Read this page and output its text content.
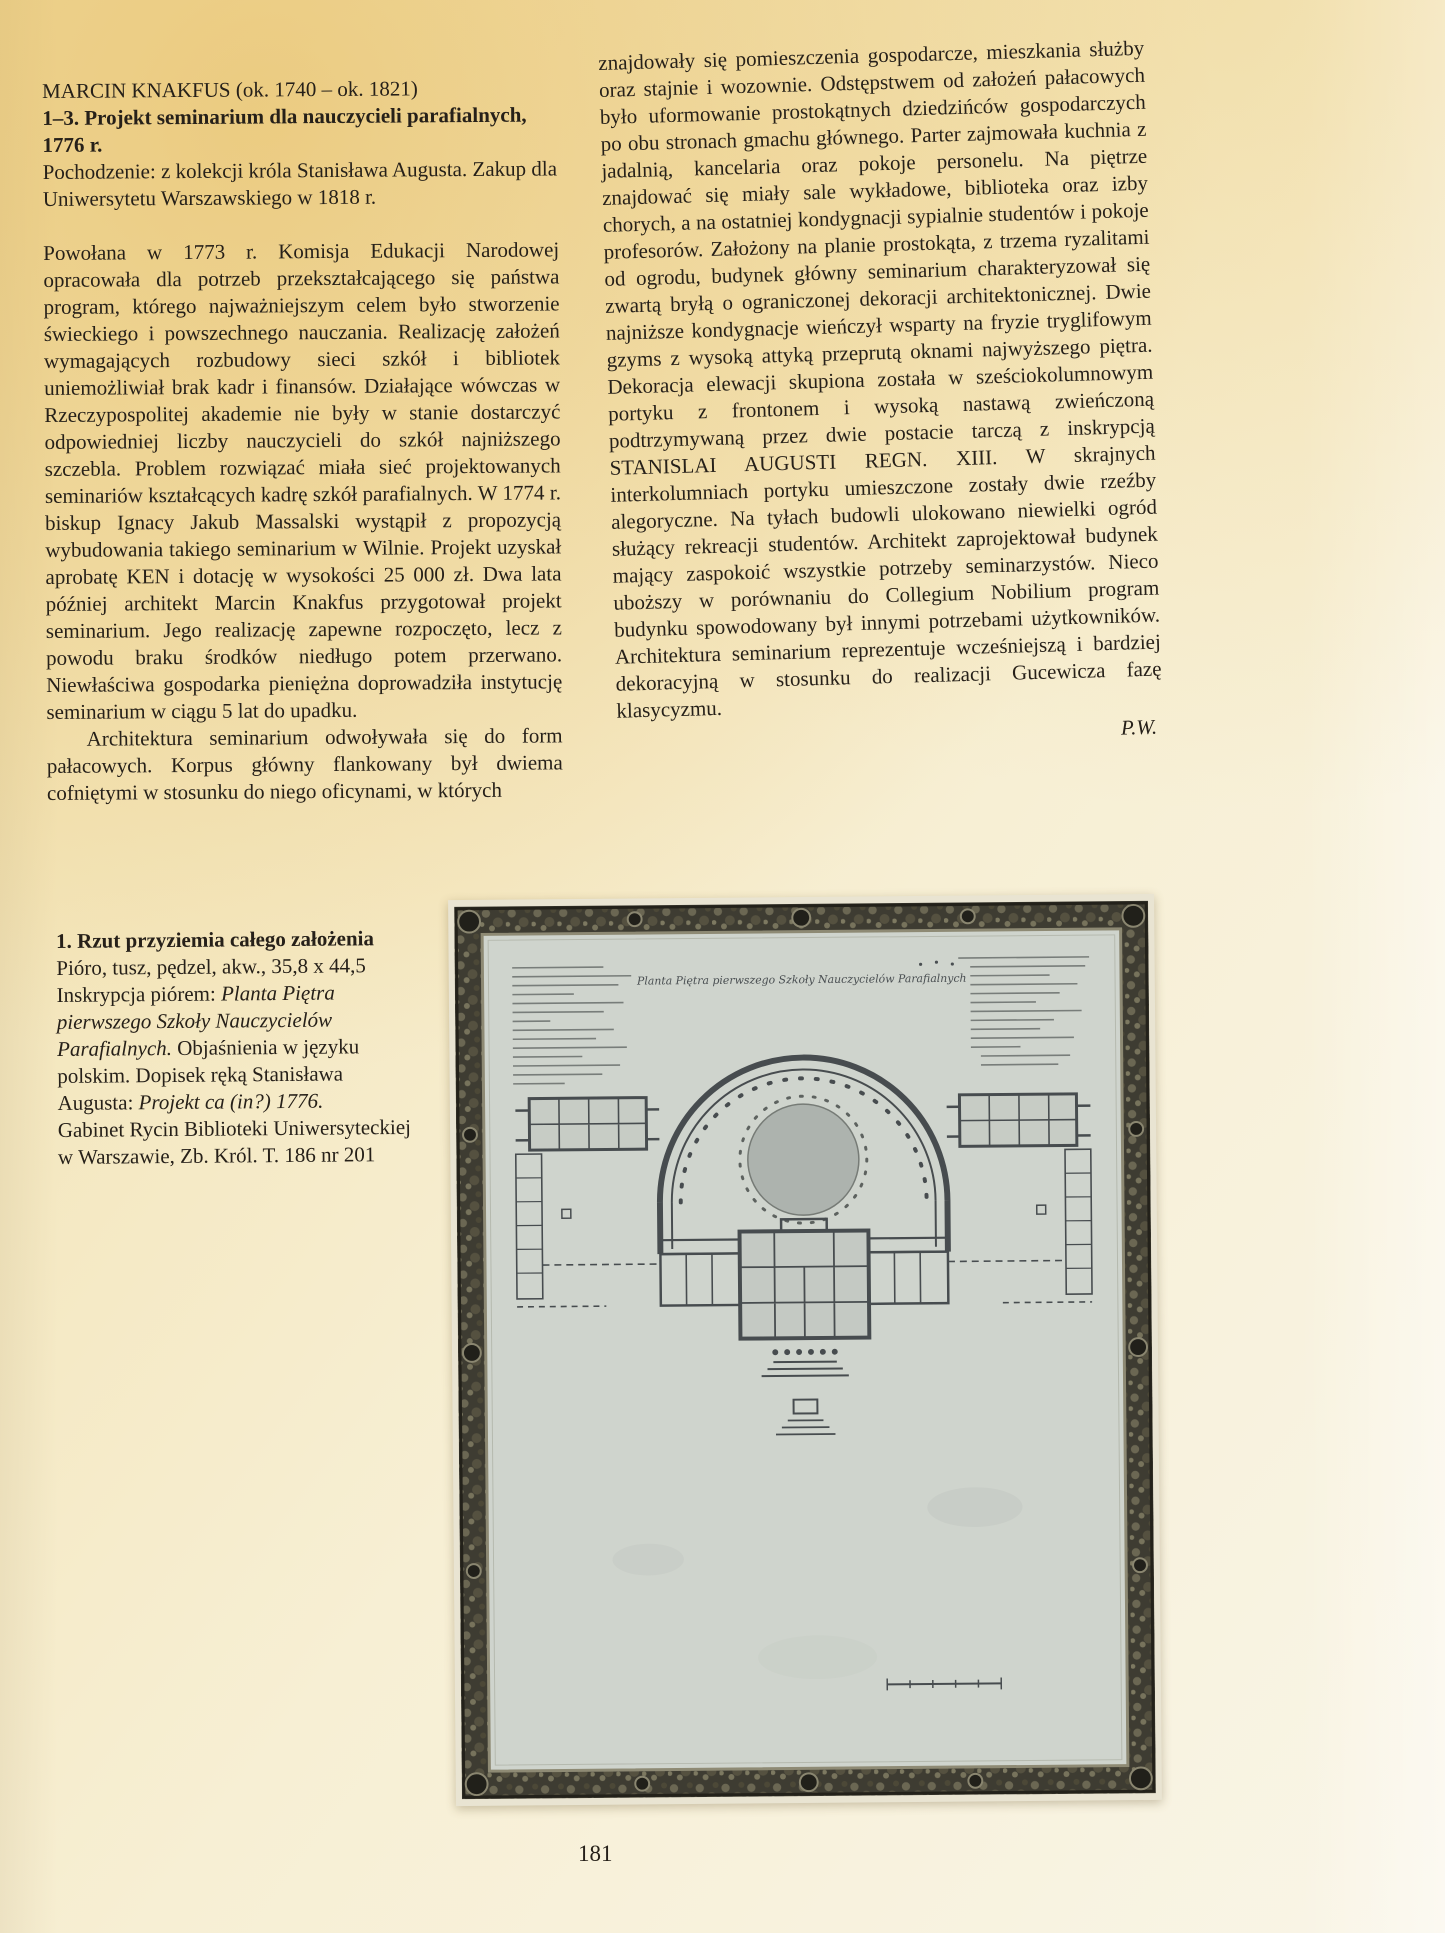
MARCIN KNAKFUS (ok. 1740 – ok. 1821)

1–3. Projekt seminarium dla nauczycieli parafialnych, 1776 r.

Pochodzenie: z kolekcji króla Stanisława Augusta. Zakup dla Uniwersytetu Warszawskiego w 1818 r.

Powołana w 1773 r. Komisja Edukacji Narodowej opracowała dla potrzeb przekształcającego się państwa program, którego najważniejszym celem było stworzenie świeckiego i powszechnego nauczania. Realizację założeń wymagających rozbudowy sieci szkół i bibliotek uniemożliwiał brak kadr i finansów. Działające wówczas w Rzeczypospolitej akademie nie były w stanie dostarczyć odpowiedniej liczby nauczycieli do szkół najniższego szczebla. Problem rozwiązać miała sieć projektowanych seminariów kształcących kadrę szkół parafialnych. W 1774 r. biskup Ignacy Jakub Massalski wystąpił z propozycją wybudowania takiego seminarium w Wilnie. Projekt uzyskał aprobatę KEN i dotację w wysokości 25 000 zł. Dwa lata później architekt Marcin Knakfus przygotował projekt seminarium. Jego realizację zapewne rozpoczęto, lecz z powodu braku środków niedługo potem przerwano. Niewłaściwa gospodarka pieniężna doprowadziła instytucję seminarium w ciągu 5 lat do upadku.

Architektura seminarium odwoływała się do form pałacowych. Korpus główny flankowany był dwiema cofniętymi w stosunku do niego oficynami, w których

znajdowały się pomieszczenia gospodarcze, mieszkania służby oraz stajnie i wozownie. Odstępstwem od założeń pałacowych było uformowanie prostokątnych dziedzińców gospodarczych po obu stronach gmachu głównego. Parter zajmowała kuchnia z jadalnią, kancelaria oraz pokoje personelu. Na piętrze znajdować się miały sale wykładowe, biblioteka oraz izby chorych, a na ostatniej kondygnacji sypialnie studentów i pokoje profesorów. Założony na planie prostokąta, z trzema ryzalitami od ogrodu, budynek główny seminarium charakteryzował się zwartą bryłą o ograniczonej dekoracji architektonicznej. Dwie najniższe kondygnacje wieńczył wsparty na fryzie tryglifowym gzyms z wysoką attyką przeprutą oknami najwyższego piętra. Dekoracja elewacji skupiona została w sześciokolumnowym portyku z frontonem i wysoką nastawą zwieńczoną podtrzymywaną przez dwie postacie tarczą z inskrypcją STANISLAI AUGUSTI REGN. XIII. W skrajnych interkolumniach portyku umieszczone zostały dwie rzeźby alegoryczne. Na tyłach budowli ulokowano niewielki ogród służący rekreacji studentów. Architekt zaprojektował budynek mający zaspokoić wszystkie potrzeby seminarzystów. Nieco uboższy w porównaniu do Collegium Nobilium program budynku spowodowany był innymi potrzebami użytkowników. Architektura seminarium reprezentuje wcześniejszą i bardziej dekoracyjną w stosunku do realizacji Gucewicza fazę klasycyzmu.

P.W.

1. Rzut przyziemia całego założenia

Pióro, tusz, pędzel, akw., 35,8 x 44,5

Inskrypcja piórem: Planta Piętra pierwszego Szkoły Nauczycielów Parafialnych. Objaśnienia w języku polskim. Dopisek ręką Stanisława Augusta: Projekt ca (in?) 1776.

Gabinet Rycin Biblioteki Uniwersyteckiej w Warszawie, Zb. Król. T. 186 nr 201

Planta Piętra pierwszego Szkoły Nauczycielów Parafialnych
181
